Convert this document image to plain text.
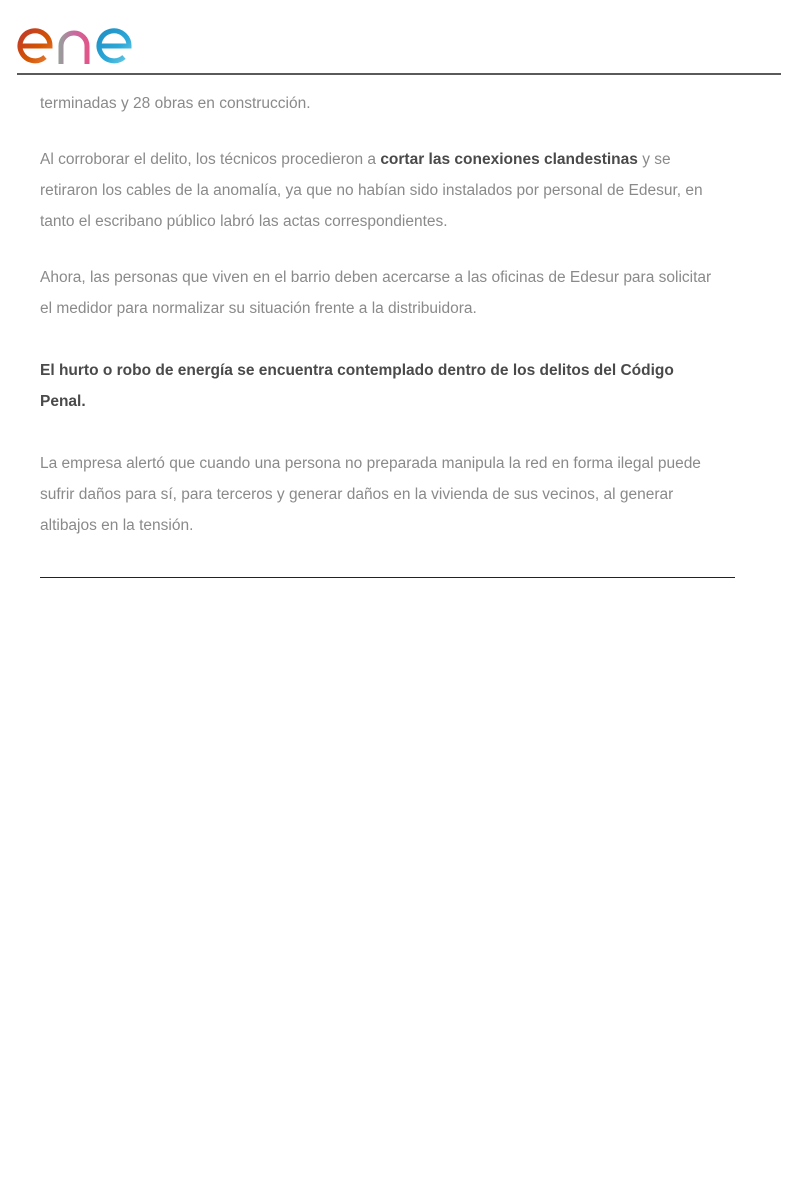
terminadas y 28 obras en construcción.

Al corroborar el delito, los técnicos procedieron a cortar las conexiones clandestinas y se retiraron los cables de la anomalía, ya que no habían sido instalados por personal de Edesur, en tanto el escribano público labró las actas correspondientes.

Ahora, las personas que viven en el barrio deben acercarse a las oficinas de Edesur para solicitar el medidor para normalizar su situación frente a la distribuidora.

El hurto o robo de energía se encuentra contemplado dentro de los delitos del Código Penal.

La empresa alertó que cuando una persona no preparada manipula la red en forma ilegal puede sufrir daños para sí, para terceros y generar daños en la vivienda de sus vecinos, al generar altibajos en la tensión.
